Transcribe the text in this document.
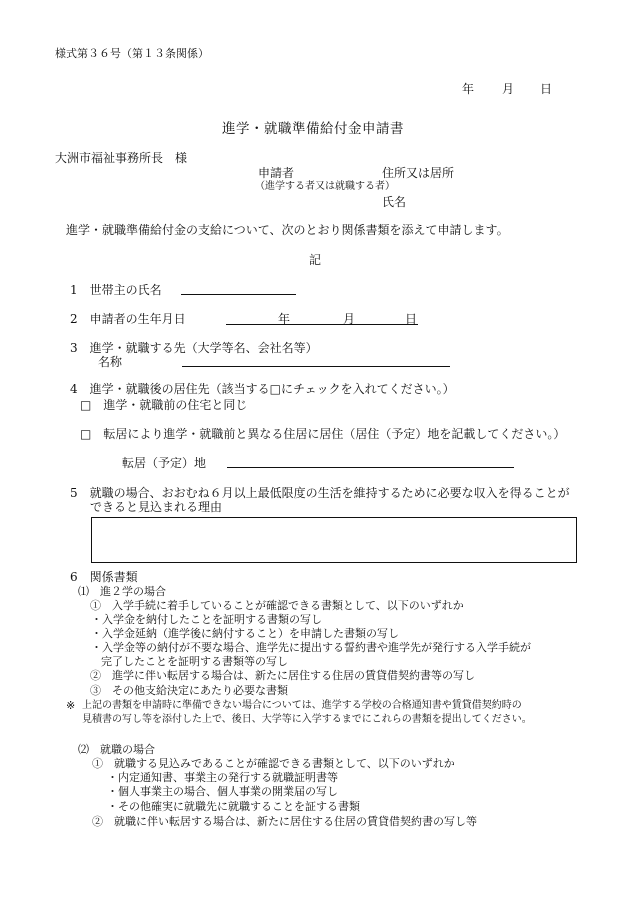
様式第３６号（第１３条関係）
年 月 日
進学・就職準備給付金申請書
大洲市福祉事務所長　様
申請者	住所又は居所
（進学する者又は就職する者）
氏名
進学・就職準備給付金の支給について、次のとおり関係書類を添えて申請します。
記
1　世帯主の氏名
2　申請者の生年月日	年	月	日
3　進学・就職する先（大学等名、会社名等）
名称
4　進学・就職後の居住先（該当する□にチェックを入れてください。）
□　進学・就職前の住宅と同じ
□　転居により進学・就職前と異なる住居に居住（居住（予定）地を記載してください。）
転居（予定）地
5　就職の場合、おおむね６月以上最低限度の生活を維持するために必要な収入を得ることが
できると見込まれる理由
6　関係書類
⑴　進２学の場合
①　入学手続に着手していることが確認できる書類として、以下のいずれか
・入学金を納付したことを証明する書類の写し
・入学金延納（進学後に納付すること）を申請した書類の写し
・入学金等の納付が不要な場合、進学先に提出する誓約書や進学先が発行する入学手続が
完了したことを証明する書類等の写し
②　進学に伴い転居する場合は、新たに居住する住居の賃貸借契約書等の写し
③　その他支給決定にあたり必要な書類
※ 上記の書類を申請時に準備できない場合については、進学する学校の合格通知書や賃貸借契約時の
見積書の写し等を添付した上で、後日、大学等に入学するまでにこれらの書類を提出してください。
⑵　就職の場合
①　就職する見込みであることが確認できる書類として、以下のいずれか
・内定通知書、事業主の発行する就職証明書等
・個人事業主の場合、個人事業の開業届の写し
・その他確実に就職先に就職することを証する書類
②　就職に伴い転居する場合は、新たに居住する住居の賃貸借契約書の写し等
